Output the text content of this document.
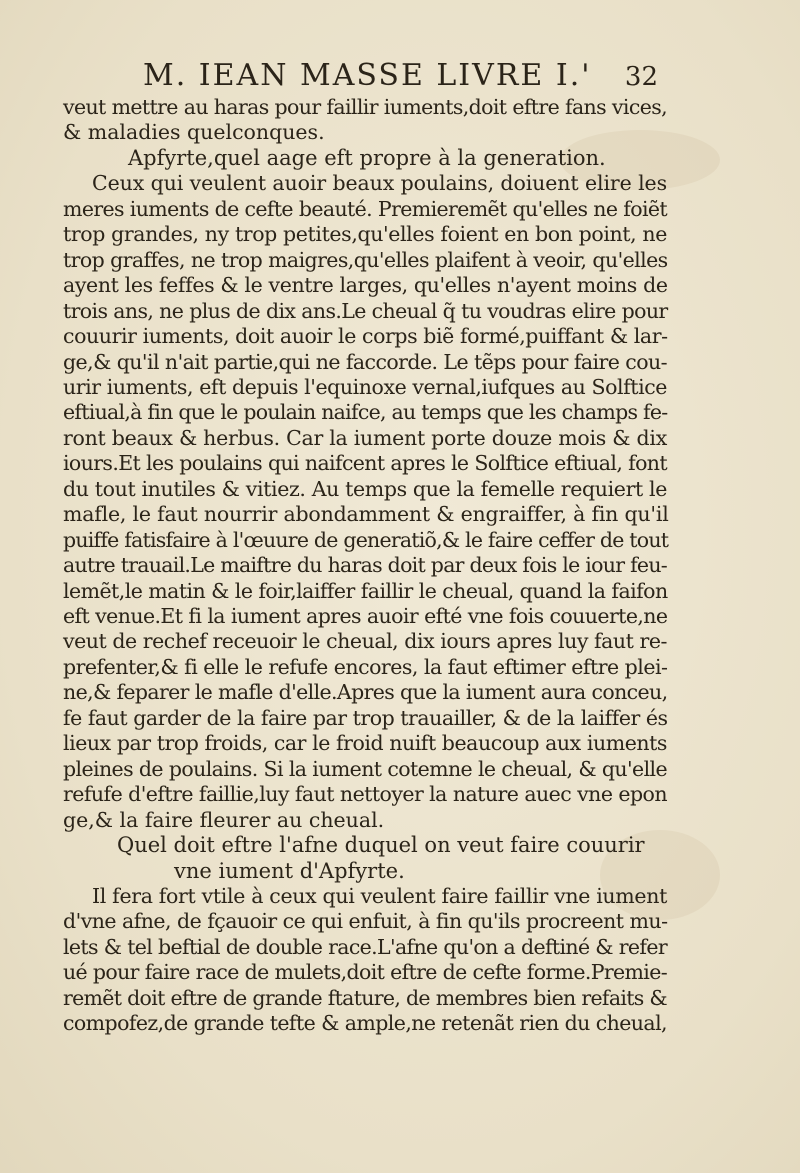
M. IEAN MASSE LIVRE I.' 32
veut mettre au haras pour faillir iuments,doit eftre fans vices,
& maladies quelconques.
Apfyrte,quel aage eft propre à la generation.
Ceux qui veulent auoir beaux poulains, doiuent elire les
meres iuments de cefte beauté. Premieremẽt qu'elles ne foiẽt
trop grandes, ny trop petites,qu'elles foient en bon point, ne
trop graffes, ne trop maigres,qu'elles plaifent à veoir, qu'elles
ayent les feffes & le ventre larges, qu'elles n'ayent moins de
trois ans, ne plus de dix ans.Le cheual q̃ tu voudras elire pour
couurir iuments, doit auoir le corps biẽ formé,puiffant & lar-
ge,& qu'il n'ait partie,qui ne faccorde. Le tẽps pour faire cou-
urir iuments, eft depuis l'equinoxe vernal,iufques au Solftice
eftiual,à fin que le poulain naifce, au temps que les champs fe-
ront beaux & herbus. Car la iument porte douze mois & dix
iours.Et les poulains qui naifcent apres le Solftice eftiual, font
du tout inutiles & vitiez. Au temps que la femelle requiert le
mafle, le faut nourrir abondamment & engraiffer, à fin qu'il
puiffe fatisfaire à l'œuure de generatiõ,& le faire ceffer de tout
autre trauail.Le maiftre du haras doit par deux fois le iour feu-
lemẽt,le matin & le foir,laiffer faillir le cheual, quand la faifon
eft venue.Et fi la iument apres auoir efté vne fois couuerte,ne
veut de rechef receuoir le cheual, dix iours apres luy faut re-
prefenter,& fi elle le refufe encores, la faut eftimer eftre plei-
ne,& feparer le mafle d'elle.Apres que la iument aura conceu,
fe faut garder de la faire par trop trauailler, & de la laiffer és
lieux par trop froids, car le froid nuift beaucoup aux iuments
pleines de poulains. Si la iument cotemne le cheual, & qu'elle
refufe d'eftre faillie,luy faut nettoyer la nature auec vne epon
ge,& la faire fleurer au cheual.
Quel doit eftre l'afne duquel on veut faire couurir
vne iument d'Apfyrte.
Il fera fort vtile à ceux qui veulent faire faillir vne iument
d'vne afne, de fçauoir ce qui enfuit, à fin qu'ils procreent mu-
lets & tel beftial de double race.L'afne qu'on a deftiné & refer
ué pour faire race de mulets,doit eftre de cefte forme.Premie-
remẽt doit eftre de grande ftature, de membres bien refaits &
compofez,de grande tefte & ample,ne retenãt rien du cheual,
